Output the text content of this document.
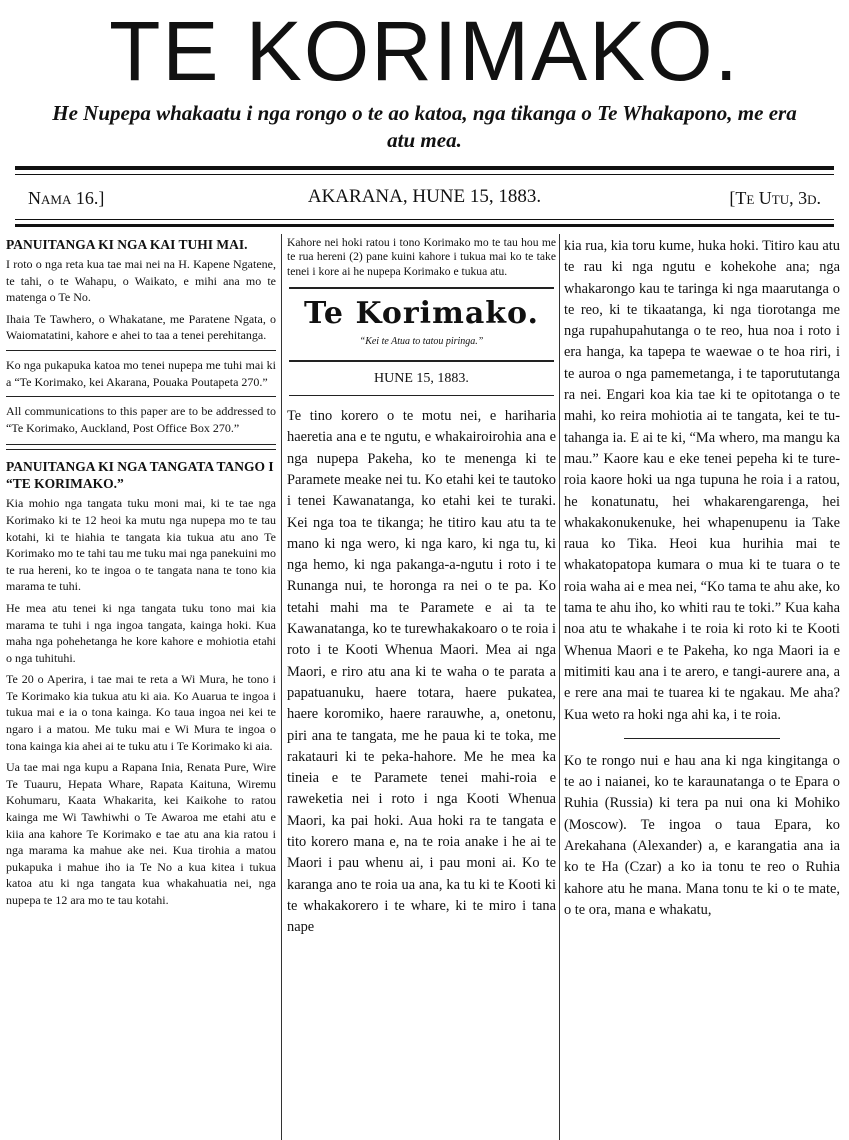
TE KORIMAKO.
He Nupepa whakaatu i nga rongo o te ao katoa, nga tikanga o Te Whakapono, me era atu mea.
Nama 16.]	AKARANA, HUNE 15, 1883.	[Te Utu, 3d.
PANUITANGA KI NGA KAI TUHI MAI.
I roto o nga reta kua tae mai nei na H. Kapene Ngatene, te tahi, o te Wahapu, o Waikato, e mihi ana mo te matenga o Te No.
Ihaia Te Tawhero, o Whakatane, me Paratene Ngata, o Waiomatatini, kahore e ahei to taa a tenei perehitanga.
Ko nga pukapuka katoa mo tenei nupepa me tuhi mai ki a “Te Korimako, kei Akarana, Pouaka Poutapeta 270.”
All communications to this paper are to be addressed to “Te Korimako, Auckland, Post Office Box 270.”
PANUITANGA KI NGA TANGATA TANGO I “TE KORIMAKO.”
Kia mohio nga tangata tuku moni mai, ki te tae nga Korimako ki te 12 heoi ka mutu nga nupepa mo te tau kotahi, ki te hiahia te tangata kia tukua atu ano Te Korimako mo te tahi tau me tuku mai nga panekuini mo te rua hereni, ko te ingoa o te tangata nana te tono kia marama te tuhi.
He mea atu tenei ki nga tangata tuku tono mai kia marama te tuhi i nga ingoa tangata, kainga hoki. Kua maha nga pohehetanga he kore kahore e mohiotia etahi o nga tuhituhi.
Te 20 o Aperira, i tae mai te reta a Wi Mura, he tono i Te Korimako kia tukua atu ki aia. Ko Auarua te ingoa i tukua mai e ia o tona kainga. Ko taua ingoa nei kei te ngaro i a matou. Me tuku mai e Wi Mura te ingoa o tona kainga kia ahei ai te tuku atu i Te Korimako ki aia.
Ua tae mai nga kupu a Rapana Inia, Renata Pure, Wire Te Tuauru, Hepata Whare, Rapata Kaituna, Wiremu Kohumaru, Kaata Whakarita, kei Kaikohe to ratou kainga me Wi Tawhiwhi o Te Awaroa me etahi atu e kiia ana kahore Te Korimako e tae atu ana kia ratou i nga marama ka mahue ake nei. Kua tirohia a matou pukapuka i mahue iho ia Te No a kua kitea i tukua katoa atu ki nga tangata kua whakahuatia nei, nga nupepa te 12 ara mo te tau kotahi.
Kahore nei hoki ratou i tono Korimako mo te tau hou me te rua hereni (2) pane kuini kahore i tukua mai ko te take tenei i kore ai he nupepa Korimako e tukua atu.
Te Korimako.
“Kei te Atua to tatou piringa.”
HUNE 15, 1883.
Te tino korero o te motu nei, e hariharia haeretia ana e te ngutu, e whakairoirohia ana e nga nupepa Pakeha, ko te menenga ki te Paramete meake nei tu. Ko etahi kei te tautoko i tenei Kawanatanga, ko etahi kei te turaki. Kei nga toa te tikanga; he titiro kau atu ta te mano ki nga wero, ki nga karo, ki nga tu, ki nga hemo, ki nga pakanga-a-ngutu i roto i te Runanga nui, te horonga ra nei o te pa. Ko tetahi mahi ma te Paramete e ai ta te Kawanatanga, ko te turewhakakoaro o te roia i roto i te Kooti Whenua Maori. Mea ai nga Maori, e riro atu ana ki te waha o te parata a papatuanuku, haere totara, haere pukatea, haere koromiko, haere rarauwhe, a, onetonu, piri ana te tangata, me he paua ki te toka, me rakatauri ki te peka-hahore. Me he mea ka tineia e te Paramete tenei mahi-roia e raweketia nei i roto i nga Kooti Whenua Maori, ka pai hoki. Aua hoki ra te tangata e tito korero mana e, na te roia anake i he ai te Maori i pau whenu ai, i pau moni ai. Ko te karanga ano te roia ua ana, ka tu ki te Kooti ki te whakakorero i te whare, ki te miro i tana nape
kia rua, kia toru kume, huka hoki. Titiro kau atu te rau ki nga ngutu e kohekohe ana; nga whakarongo kau te taringa ki nga maarutanga o te reo, ki te tikaatanga, ki nga tiorotanga me nga rupahupahutanga o te reo, hua noa i roto i era hanga, ka tapepa te waewae o te hoa riri, i te auroa o nga pamemetanga, i te taporututanga ra nei. Engari koa kia tae ki te opitotanga o te mahi, ko reira mohiotia ai te tangata, kei te tu-tahanga ia. E ai te ki, “Ma whero, ma mangu ka mau.” Kaore kau e eke tenei pepeha ki te ture-roia kaore hoki ua nga tupuna he roia i a ratou, he konatunatu, hei whakarengarenga, hei whakakonukenuke, hei whapenupenu ia Take raua ko Tika. Heoi kua hurihia mai te whakatopatopa kumara o mua ki te tuara o te roia waha ai e mea nei, “Ko tama te ahu ake, ko tama te ahu iho, ko whiti rau te toki.” Kua kaha noa atu te whakahe i te roia ki roto ki te Kooti Whenua Maori e te Pakeha, ko nga Maori ia e mitimiti kau ana i te arero, e tangi-aurere ana, a e rere ana mai te tuarea ki te ngakau. Me aha? Kua weto ra hoki nga ahi ka, i te roia.
Ko te rongo nui e hau ana ki nga kingitanga o te ao i naianei, ko te karaunatanga o te Epara o Ruhia (Russia) ki tera pa nui ona ki Mohiko (Moscow). Te ingoa o taua Epara, ko Arekahana (Alexander) a, e karangatia ana ia ko te Ha (Czar) a ko ia tonu te reo o Ruhia kahore atu he mana. Mana tonu te ki o te mate, o te ora, mana e whakatu,
